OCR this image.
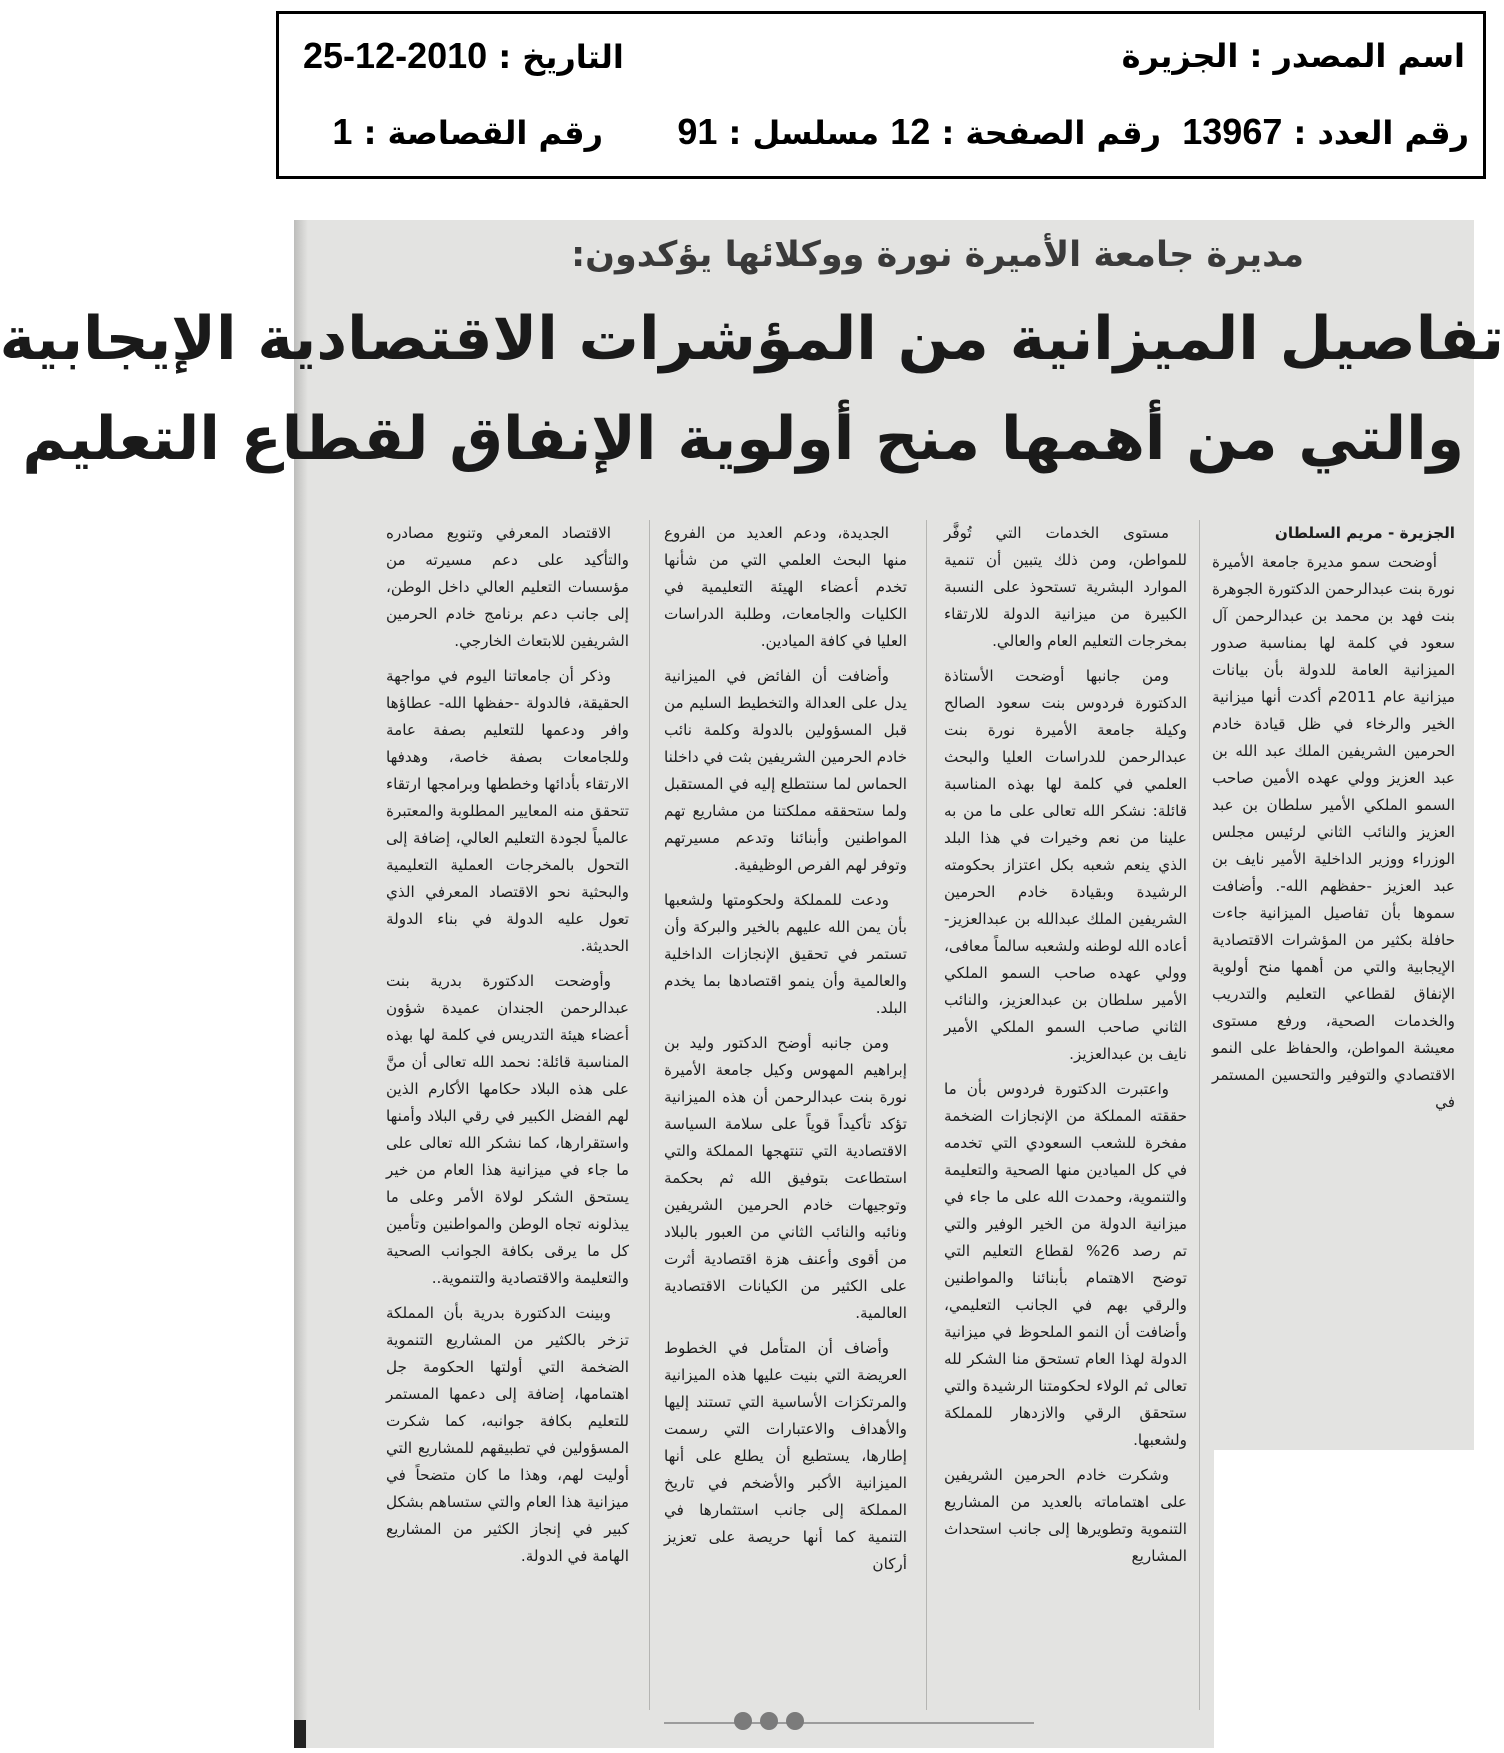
اسم المصدر : الجزيرة
التاريخ : 2010-12-25
رقم العدد : 13967
رقم الصفحة : 12
مسلسل : 91
رقم القصاصة : 1
مديرة جامعة الأميرة نورة ووكلائها يؤكدون:
تفاصيل الميزانية من المؤشرات الاقتصادية الإيجابية
والتي من أهمها منح أولوية الإنفاق لقطاع التعليم
الجزيرة - مريم السلطان

أوضحت سمو مديرة جامعة الأميرة نورة بنت عبدالرحمن الدكتورة الجوهرة بنت فهد بن محمد بن عبدالرحمن آل سعود في كلمة لها بمناسبة صدور الميزانية العامة للدولة بأن بيانات ميزانية عام 2011م أكدت أنها ميزانية الخير والرخاء في ظل قيادة خادم الحرمين الشريفين الملك عبد الله بن عبد العزيز وولي عهده الأمين صاحب السمو الملكي الأمير سلطان بن عبد العزيز والنائب الثاني لرئيس مجلس الوزراء ووزير الداخلية الأمير نايف بن عبد العزيز -حفظهم الله-. وأضافت سموها بأن تفاصيل الميزانية جاءت حافلة بكثير من المؤشرات الاقتصادية الإيجابية والتي من أهمها منح أولوية الإنفاق لقطاعي التعليم والتدريب والخدمات الصحية، ورفع مستوى معيشة المواطن، والحفاظ على النمو الاقتصادي والتوفير والتحسين المستمر في

مستوى الخدمات التي تُوفَّر للمواطن، ومن ذلك يتبين أن تنمية الموارد البشرية تستحوذ على النسبة الكبيرة من ميزانية الدولة للارتقاء بمخرجات التعليم العام والعالي.

ومن جانبها أوضحت الأستاذة الدكتورة فردوس بنت سعود الصالح وكيلة جامعة الأميرة نورة بنت عبدالرحمن للدراسات العليا والبحث العلمي في كلمة لها بهذه المناسبة قائلة: نشكر الله تعالى على ما من به علينا من نعم وخيرات في هذا البلد الذي ينعم شعبه بكل اعتزاز بحكومته الرشيدة وبقيادة خادم الحرمين الشريفين الملك عبدالله بن عبدالعزيز- أعاده الله لوطنه ولشعبه سالماً معافى، وولي عهده صاحب السمو الملكي الأمير سلطان بن عبدالعزيز، والنائب الثاني صاحب السمو الملكي الأمير نايف بن عبدالعزيز.

واعتبرت الدكتورة فردوس بأن ما حققته المملكة من الإنجازات الضخمة مفخرة للشعب السعودي التي تخدمه في كل الميادين منها الصحية والتعليمة والتنموية، وحمدت الله على ما جاء في ميزانية الدولة من الخير الوفير والتي تم رصد 26% لقطاع التعليم التي توضح الاهتمام بأبنائنا والمواطنين والرقي بهم في الجانب التعليمي، وأضافت أن النمو الملحوظ في ميزانية الدولة لهذا العام تستحق منا الشكر لله تعالى ثم الولاء لحكومتنا الرشيدة والتي ستحقق الرقي والازدهار للمملكة ولشعبها.

وشكرت خادم الحرمين الشريفين على اهتماماته بالعديد من المشاريع التنموية وتطويرها إلى جانب استحداث المشاريع

الجديدة، ودعم العديد من الفروع منها البحث العلمي التي من شأنها تخدم أعضاء الهيئة التعليمية في الكليات والجامعات، وطلبة الدراسات العليا في كافة الميادين.

وأضافت أن الفائض في الميزانية يدل على العدالة والتخطيط السليم من قبل المسؤولين بالدولة وكلمة نائب خادم الحرمين الشريفين بثت في داخلنا الحماس لما سنتطلع إليه في المستقبل ولما ستحققه مملكتنا من مشاريع تهم المواطنين وأبنائنا وتدعم مسيرتهم وتوفر لهم الفرص الوظيفية.

ودعت للمملكة ولحكومتها ولشعبها بأن يمن الله عليهم بالخير والبركة وأن تستمر في تحقيق الإنجازات الداخلية والعالمية وأن ينمو اقتصادها بما يخدم البلد.

ومن جانبه أوضح الدكتور وليد بن إبراهيم المهوس وكيل جامعة الأميرة نورة بنت عبدالرحمن أن هذه الميزانية تؤكد تأكيداً قوياً على سلامة السياسة الاقتصادية التي تنتهجها المملكة والتي استطاعت بتوفيق الله ثم بحكمة وتوجيهات خادم الحرمين الشريفين ونائبه والنائب الثاني من العبور بالبلاد من أقوى وأعنف هزة اقتصادية أثرت على الكثير من الكيانات الاقتصادية العالمية.

وأضاف أن المتأمل في الخطوط العريضة التي بنيت عليها هذه الميزانية والمرتكزات الأساسية التي تستند إليها والأهداف والاعتبارات التي رسمت إطارها، يستطيع أن يطلع على أنها الميزانية الأكبر والأضخم في تاريخ المملكة إلى جانب استثمارها في التنمية كما أنها حريصة على تعزيز أركان

الاقتصاد المعرفي وتنويع مصادره والتأكيد على دعم مسيرته من مؤسسات التعليم العالي داخل الوطن، إلى جانب دعم برنامج خادم الحرمين الشريفين للابتعاث الخارجي.

وذكر أن جامعاتنا اليوم في مواجهة الحقيقة، فالدولة -حفظها الله- عطاؤها وافر ودعمها للتعليم بصفة عامة وللجامعات بصفة خاصة، وهدفها الارتقاء بأدائها وخططها وبرامجها ارتقاء تتحقق منه المعايير المطلوبة والمعتبرة عالمياً لجودة التعليم العالي، إضافة إلى التحول بالمخرجات العملية التعليمية والبحثية نحو الاقتصاد المعرفي الذي تعول عليه الدولة في بناء الدولة الحديثة.

وأوضحت الدكتورة بدرية بنت عبدالرحمن الجندان عميدة شؤون أعضاء هيئة التدريس في كلمة لها بهذه المناسبة قائلة: نحمد الله تعالى أن منَّ على هذه البلاد حكامها الأكارم الذين لهم الفضل الكبير في رقي البلاد وأمنها واستقرارها، كما نشكر الله تعالى على ما جاء في ميزانية هذا العام من خير يستحق الشكر لولاة الأمر وعلى ما يبذلونه تجاه الوطن والمواطنين وتأمين كل ما يرقى بكافة الجوانب الصحية والتعليمة والاقتصادية والتنموية..

وبينت الدكتورة بدرية بأن المملكة تزخر بالكثير من المشاريع التنموية الضخمة التي أولتها الحكومة جل اهتمامها، إضافة إلى دعمها المستمر للتعليم بكافة جوانبه، كما شكرت المسؤولين في تطبيقهم للمشاريع التي أوليت لهم، وهذا ما كان متضحاً في ميزانية هذا العام والتي ستساهم بشكل كبير في إنجاز الكثير من المشاريع الهامة في الدولة.
